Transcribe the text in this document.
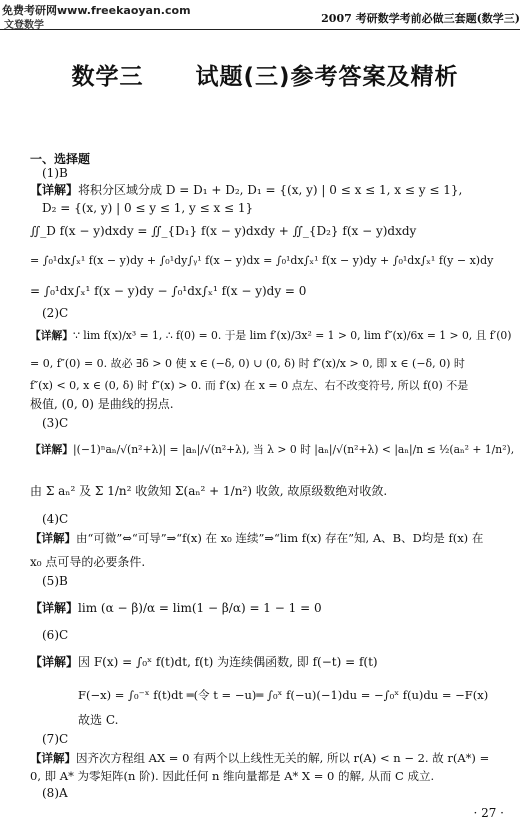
免费考研网www.freekaoyan.com
文登数学
2007 考研数学考前必做三套题(数学三)
数学三 试题(三)参考答案及精析
一、选择题
(1)B
【详解】将积分区域分成 D = D₁ + D₂, D₁ = {(x, y) | 0 ≤ x ≤ 1, x ≤ y ≤ 1},
D₂ = {(x, y) | 0 ≤ y ≤ 1, y ≤ x ≤ 1}
∬_D f(x − y)dxdy = ∬_{D₁} f(x − y)dxdy + ∬_{D₂} f(x − y)dxdy
= ∫₀¹dx∫ₓ¹ f(x − y)dy + ∫₀¹dy∫ᵧ¹ f(x − y)dx = ∫₀¹dx∫ₓ¹ f(x − y)dy + ∫₀¹dx∫ₓ¹ f(y − x)dy
= ∫₀¹dx∫ₓ¹ f(x − y)dy − ∫₀¹dx∫ₓ¹ f(x − y)dy = 0
(2)C
【详解】∵ lim f(x)/x³ = 1, ∴ f(0) = 0. 于是 lim f′(x)/3x² = 1 > 0, lim f″(x)/6x = 1 > 0, 且 f′(0)
= 0, f″(0) = 0. 故必 ∃δ > 0 使 x ∈ (−δ, 0) ∪ (0, δ) 时 f″(x)/x > 0, 即 x ∈ (−δ, 0) 时
f″(x) < 0, x ∈ (0, δ) 时 f″(x) > 0. 而 f′(x) 在 x = 0 点左、右不改变符号, 所以 f(0) 不是
极值, (0, 0) 是曲线的拐点.
(3)C
【详解】|(−1)ⁿaₙ/√(n²+λ)| = |aₙ|/√(n²+λ), 当 λ > 0 时 |aₙ|/√(n²+λ) < |aₙ|/n ≤ ½(aₙ² + 1/n²),
由 Σ aₙ² 及 Σ 1/n² 收敛知 Σ(aₙ² + 1/n²) 收敛, 故原级数绝对收敛.
(4)C
【详解】由“可微”⇔“可导”⇒“f(x) 在 x₀ 连续”⇒“lim f(x) 存在”知, A、B、D均是 f(x) 在
x₀ 点可导的必要条件.
(5)B
【详解】lim (α − β)/α = lim(1 − β/α) = 1 − 1 = 0
(6)C
【详解】因 F(x) = ∫₀ˣ f(t)dt, f(t) 为连续偶函数, 即 f(−t) = f(t)
F(−x) = ∫₀⁻ˣ f(t)dt ═(令 t = −u)═ ∫₀ˣ f(−u)(−1)du = −∫₀ˣ f(u)du = −F(x)
故选 C.
(7)C
【详解】因齐次方程组 AX = 0 有两个以上线性无关的解, 所以 r(A) < n − 2. 故 r(A*) =
0, 即 A* 为零矩阵(n 阶). 因此任何 n 维向量都是 A* X = 0 的解, 从而 C 成立.
(8)A
· 27 ·
